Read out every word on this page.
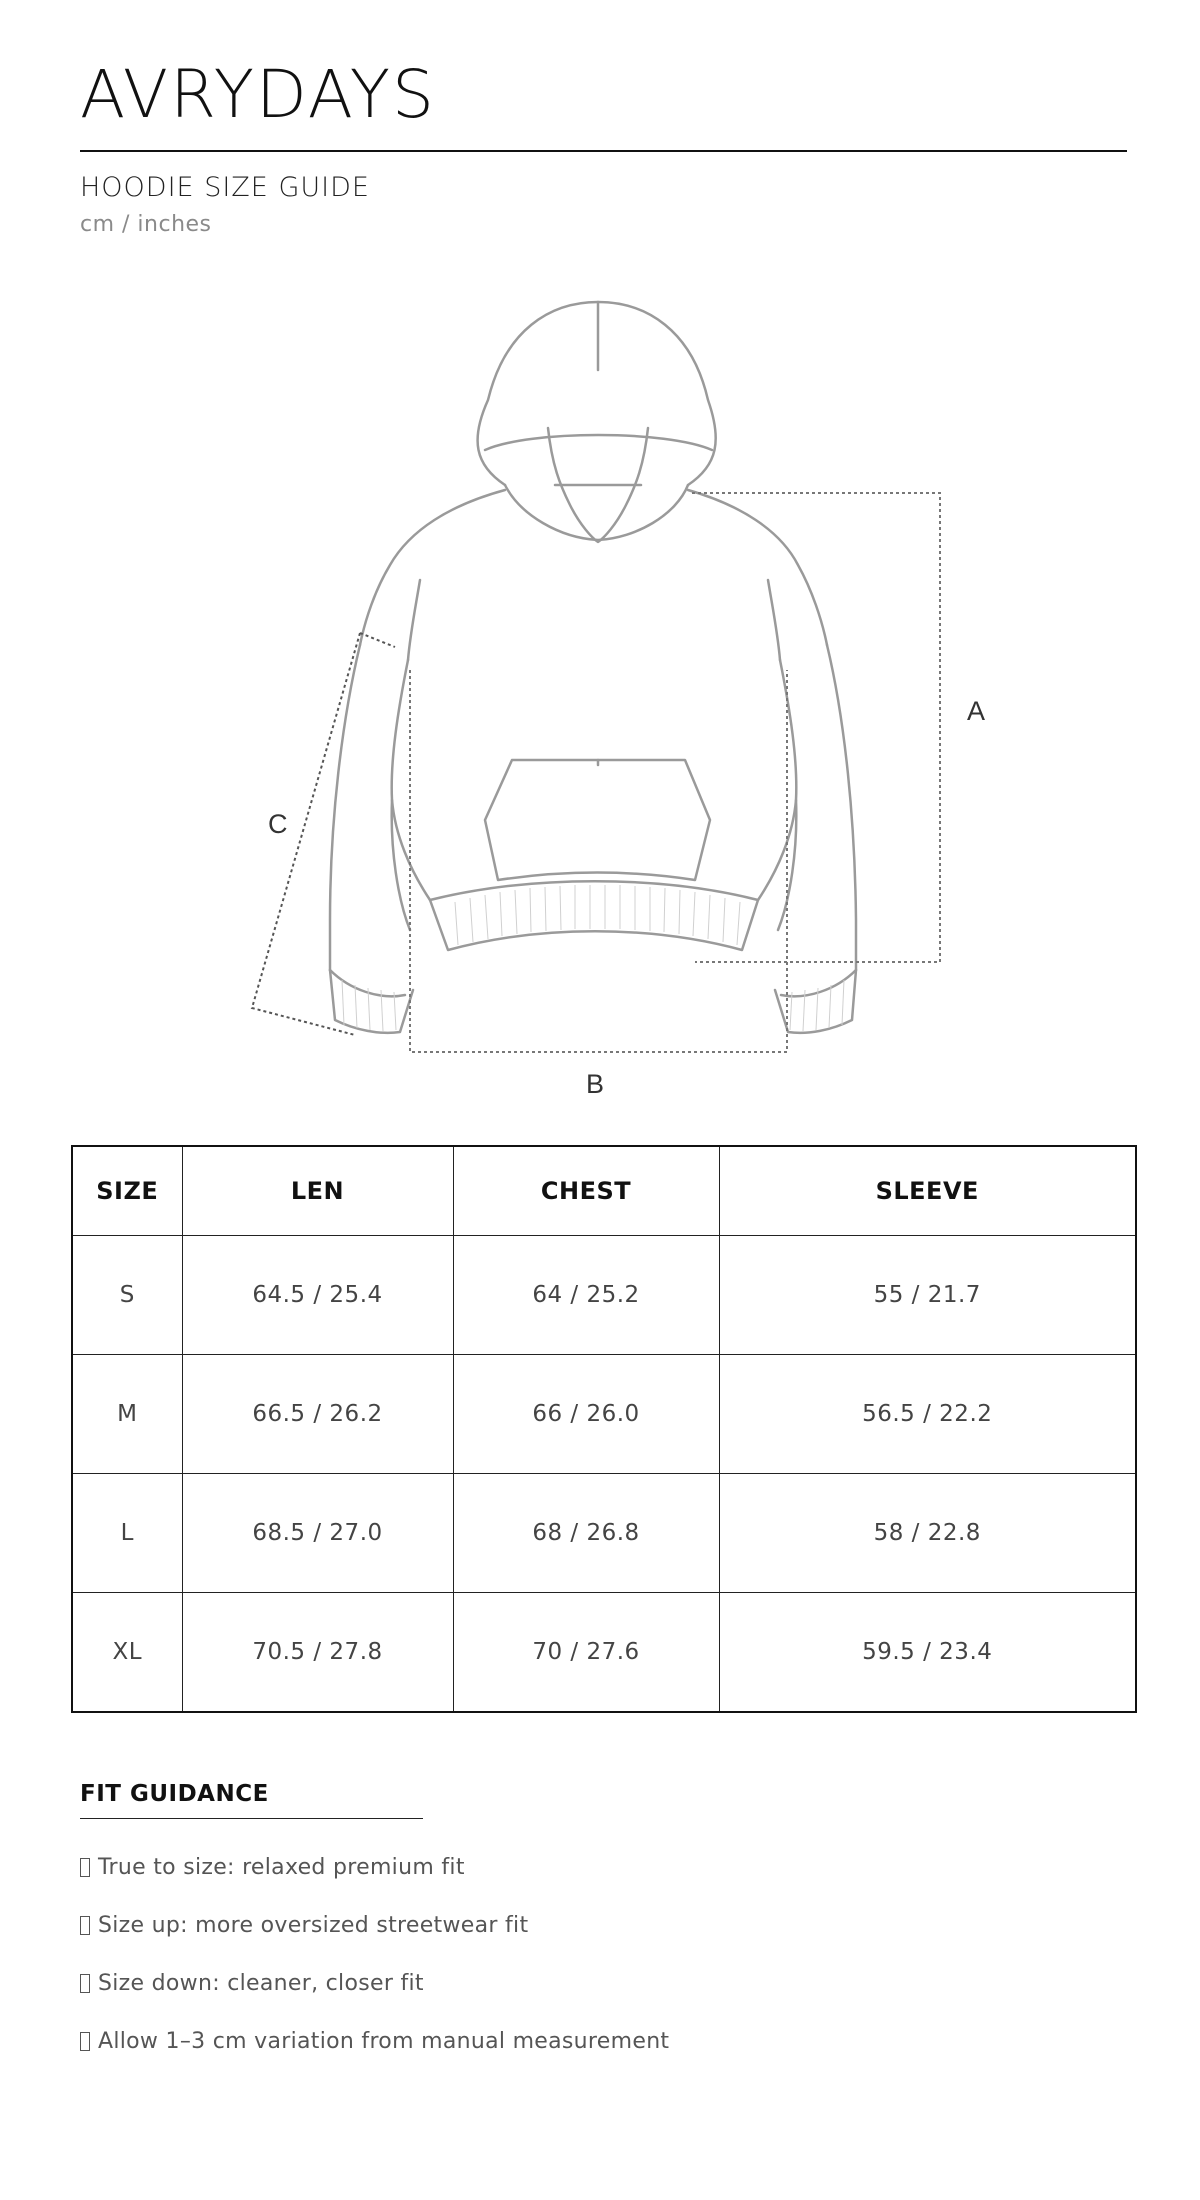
AVRYDAYS
HOODIE SIZE GUIDE
cm / inches
A
B
C
SIZE	LEN	CHEST	SLEEVE
S	64.5 / 25.4	64 / 25.2	55 / 21.7
M	66.5 / 26.2	66 / 26.0	56.5 / 22.2
L	68.5 / 27.0	68 / 26.8	58 / 22.8
XL	70.5 / 27.8	70 / 27.6	59.5 / 23.4
FIT GUIDANCE
True to size: relaxed premium fit
Size up: more oversized streetwear fit
Size down: cleaner, closer fit
Allow 1–3 cm variation from manual measurement
